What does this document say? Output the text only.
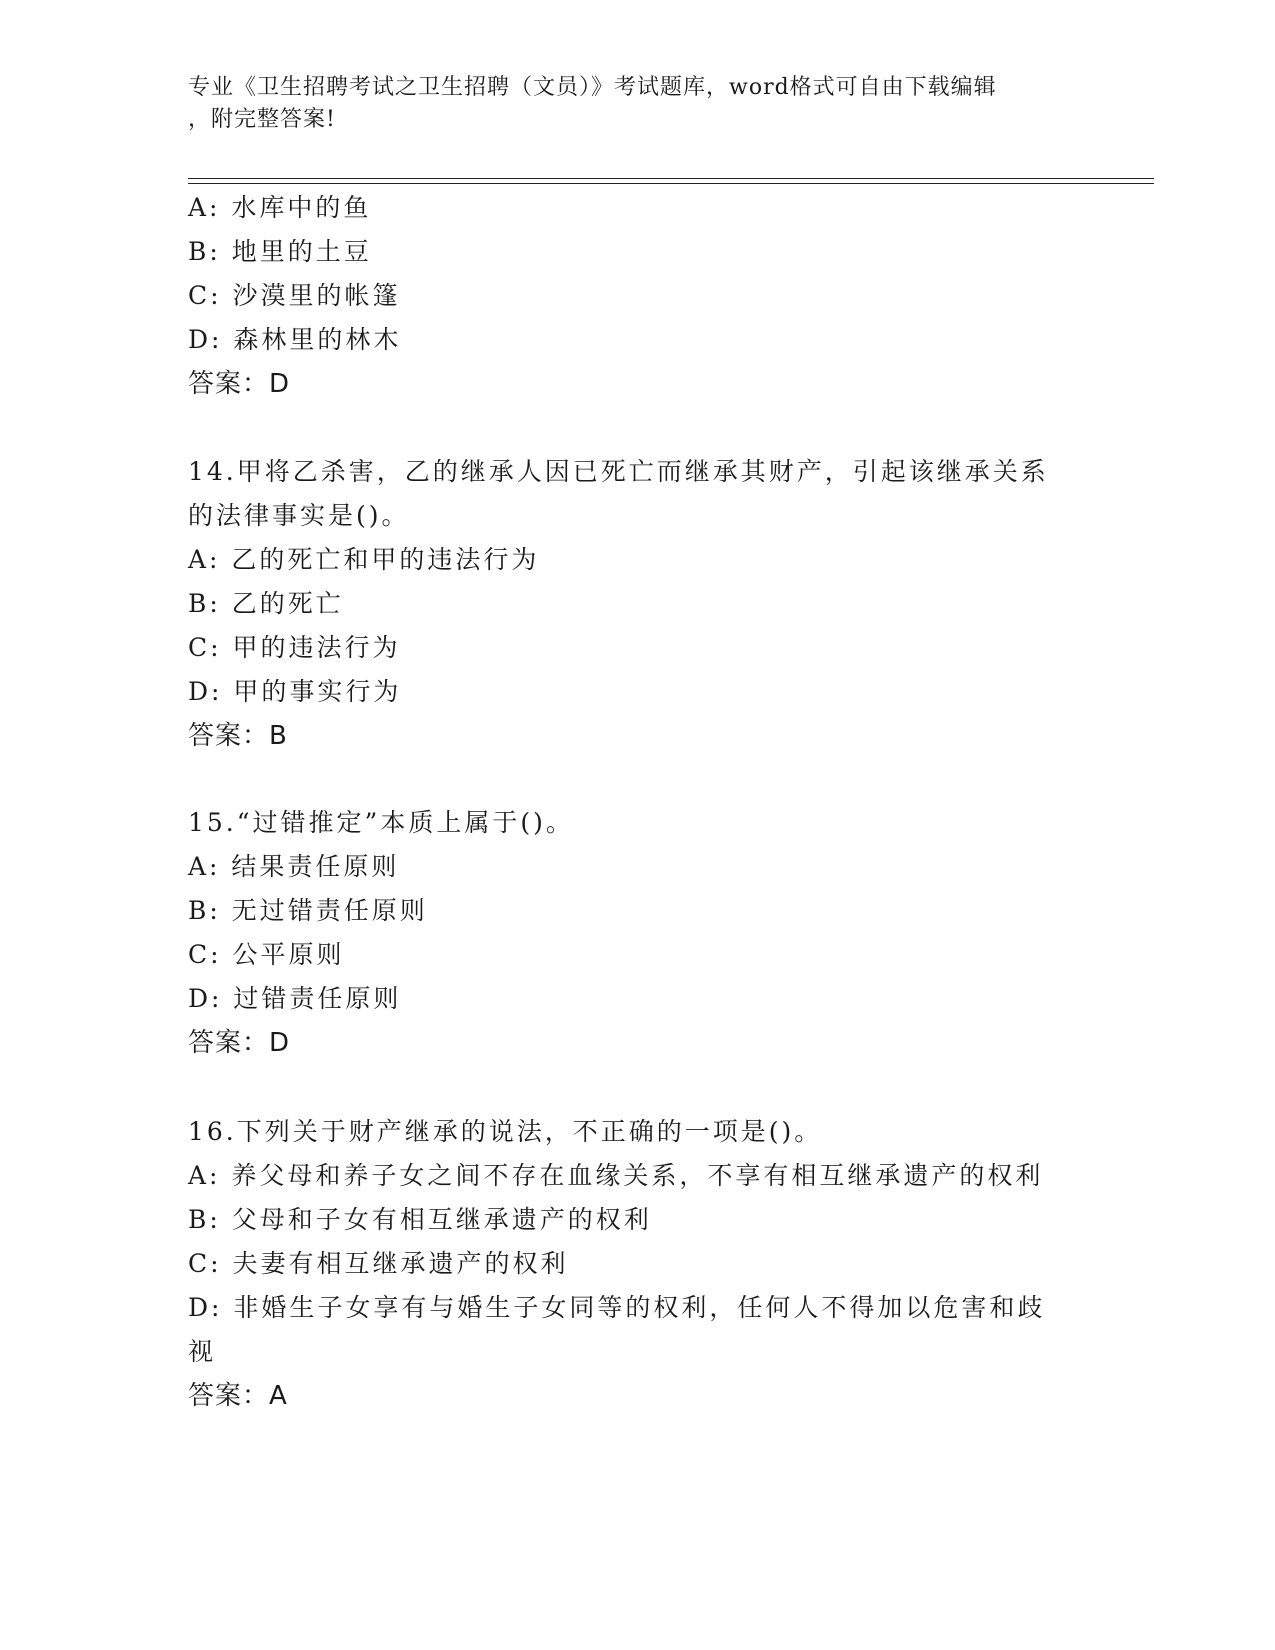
专业《卫生招聘考试之卫生招聘（文员）》考试题库，word格式可自由下载编辑
，附完整答案!
A: 水库中的鱼
B: 地里的土豆
C: 沙漠里的帐篷
D: 森林里的林木
答案：D
14.甲将乙杀害，乙的继承人因已死亡而继承其财产，引起该继承关系
的法律事实是()。
A: 乙的死亡和甲的违法行为
B: 乙的死亡
C: 甲的违法行为
D: 甲的事实行为
答案：B
15.“过错推定”本质上属于()。
A: 结果责任原则
B: 无过错责任原则
C: 公平原则
D: 过错责任原则
答案：D
16.下列关于财产继承的说法，不正确的一项是()。
A: 养父母和养子女之间不存在血缘关系，不享有相互继承遗产的权利
B: 父母和子女有相互继承遗产的权利
C: 夫妻有相互继承遗产的权利
D: 非婚生子女享有与婚生子女同等的权利，任何人不得加以危害和歧
视
答案：A
